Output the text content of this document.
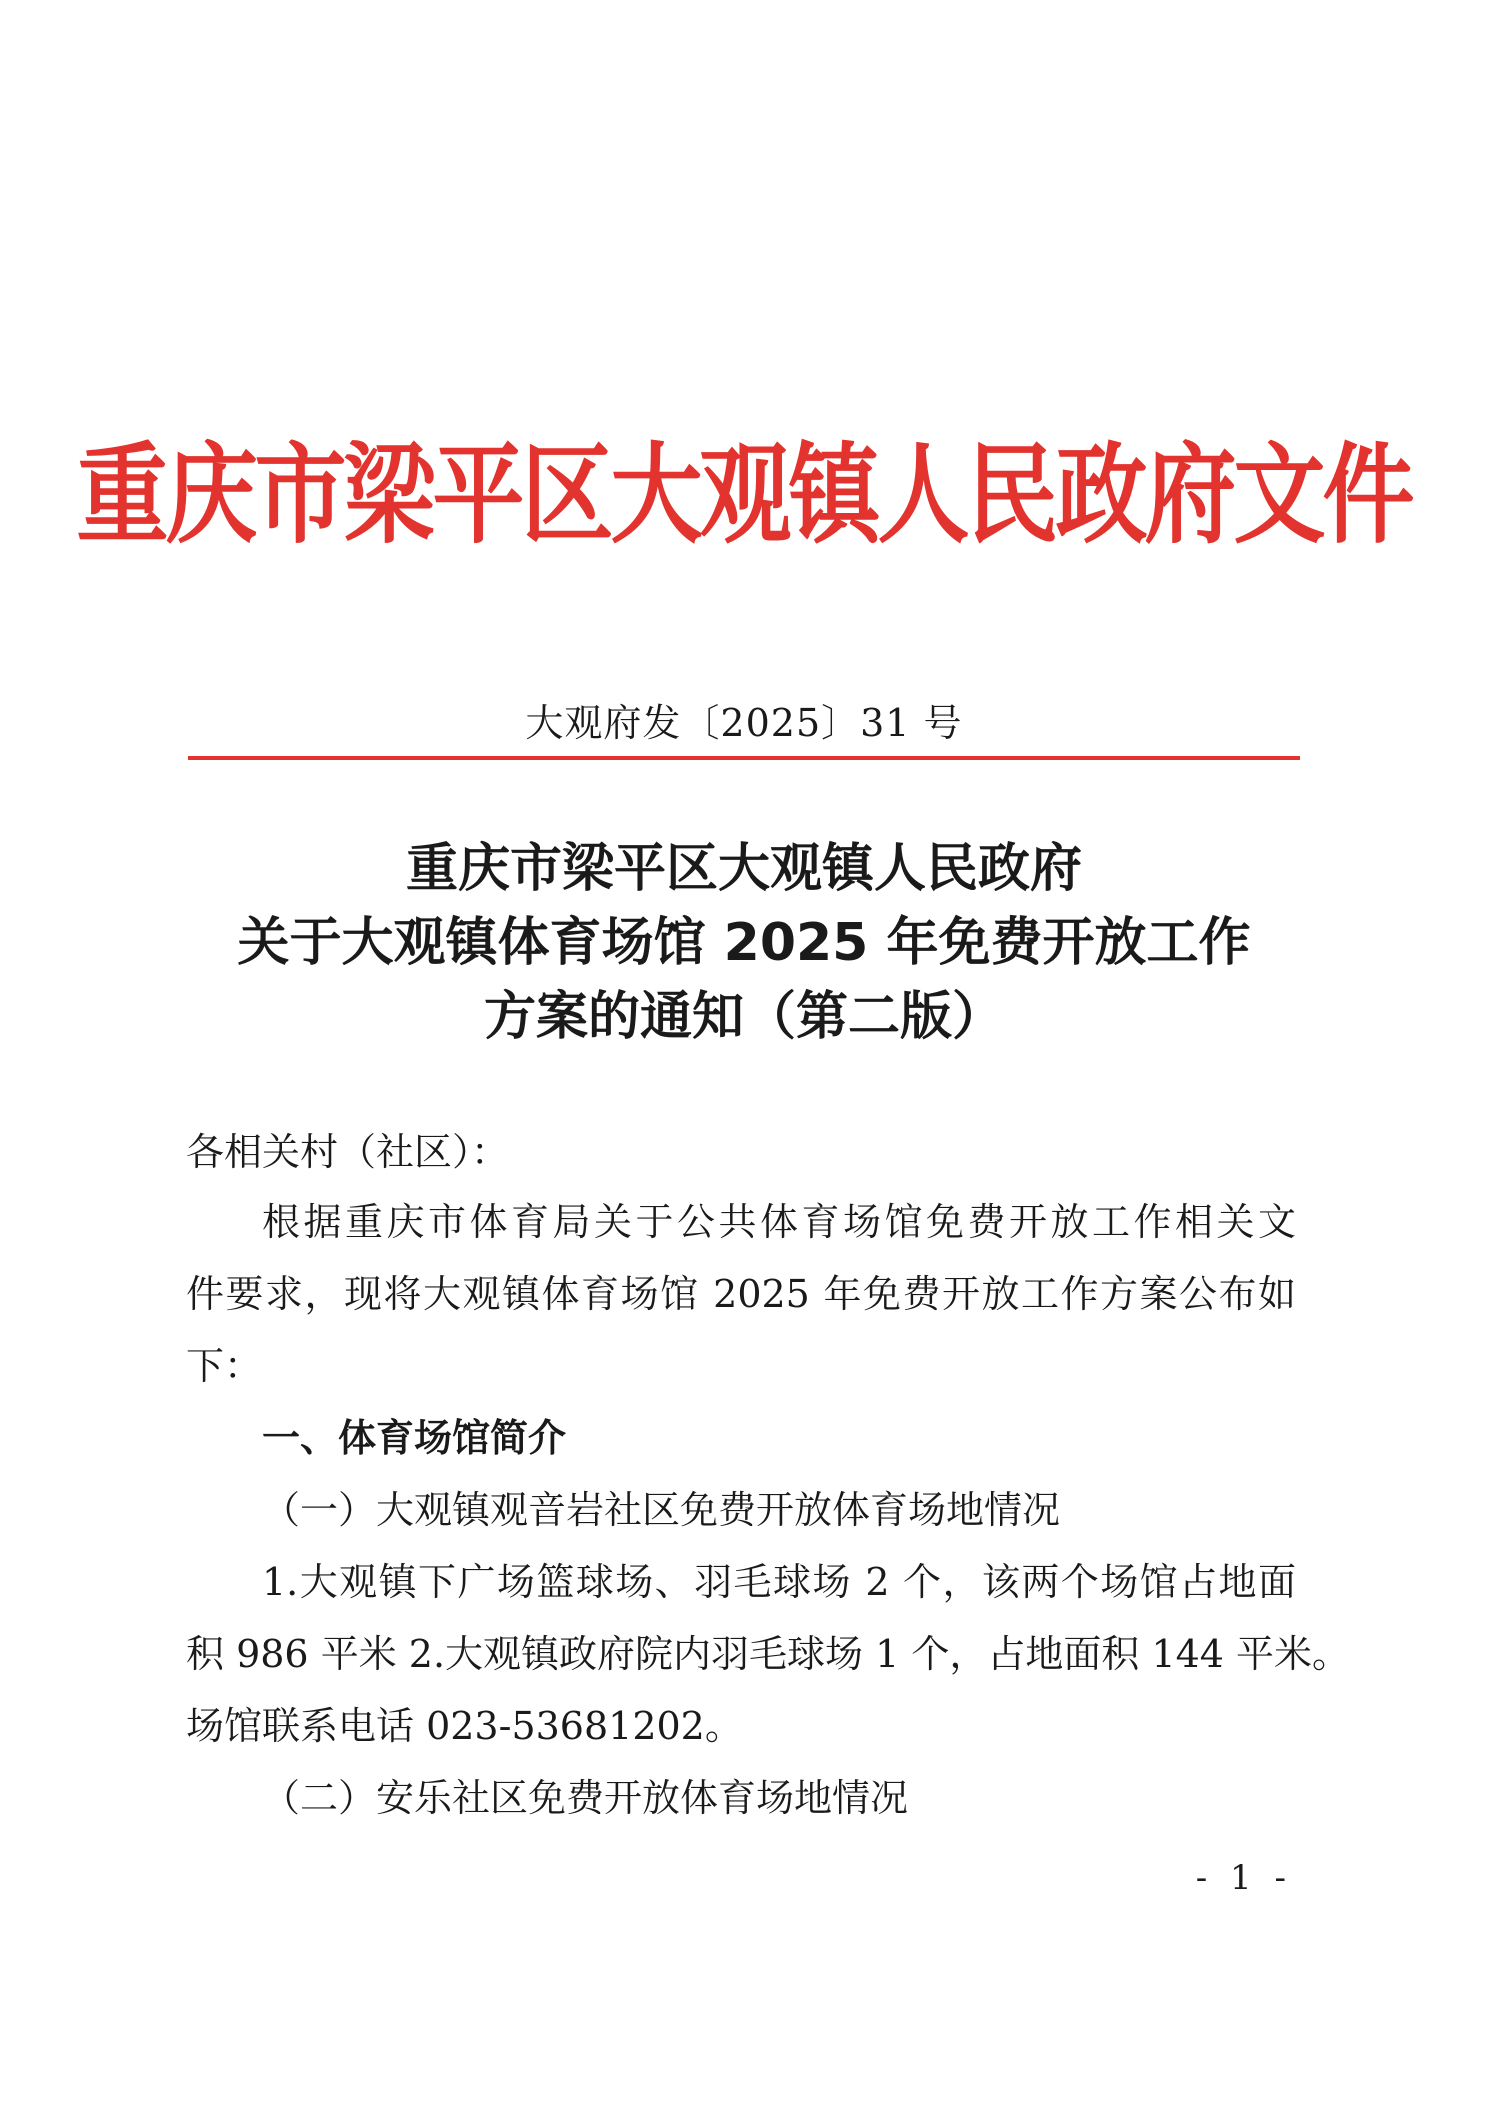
重庆市梁平区大观镇人民政府文件
大观府发〔2025〕31 号
重庆市梁平区大观镇人民政府
关于大观镇体育场馆 2025 年免费开放工作
方案的通知（第二版）
各相关村（社区）：
根据重庆市体育局关于公共体育场馆免费开放工作相关文
件要求，现将大观镇体育场馆 2025 年免费开放工作方案公布如
下：
一、体育场馆简介
（一）大观镇观音岩社区免费开放体育场地情况
1.大观镇下广场篮球场、羽毛球场 2 个，该两个场馆占地面
积 986 平米 2.大观镇政府院内羽毛球场 1 个，占地面积 144 平米。
场馆联系电话 023-53681202。
（二）安乐社区免费开放体育场地情况
- 1 -
